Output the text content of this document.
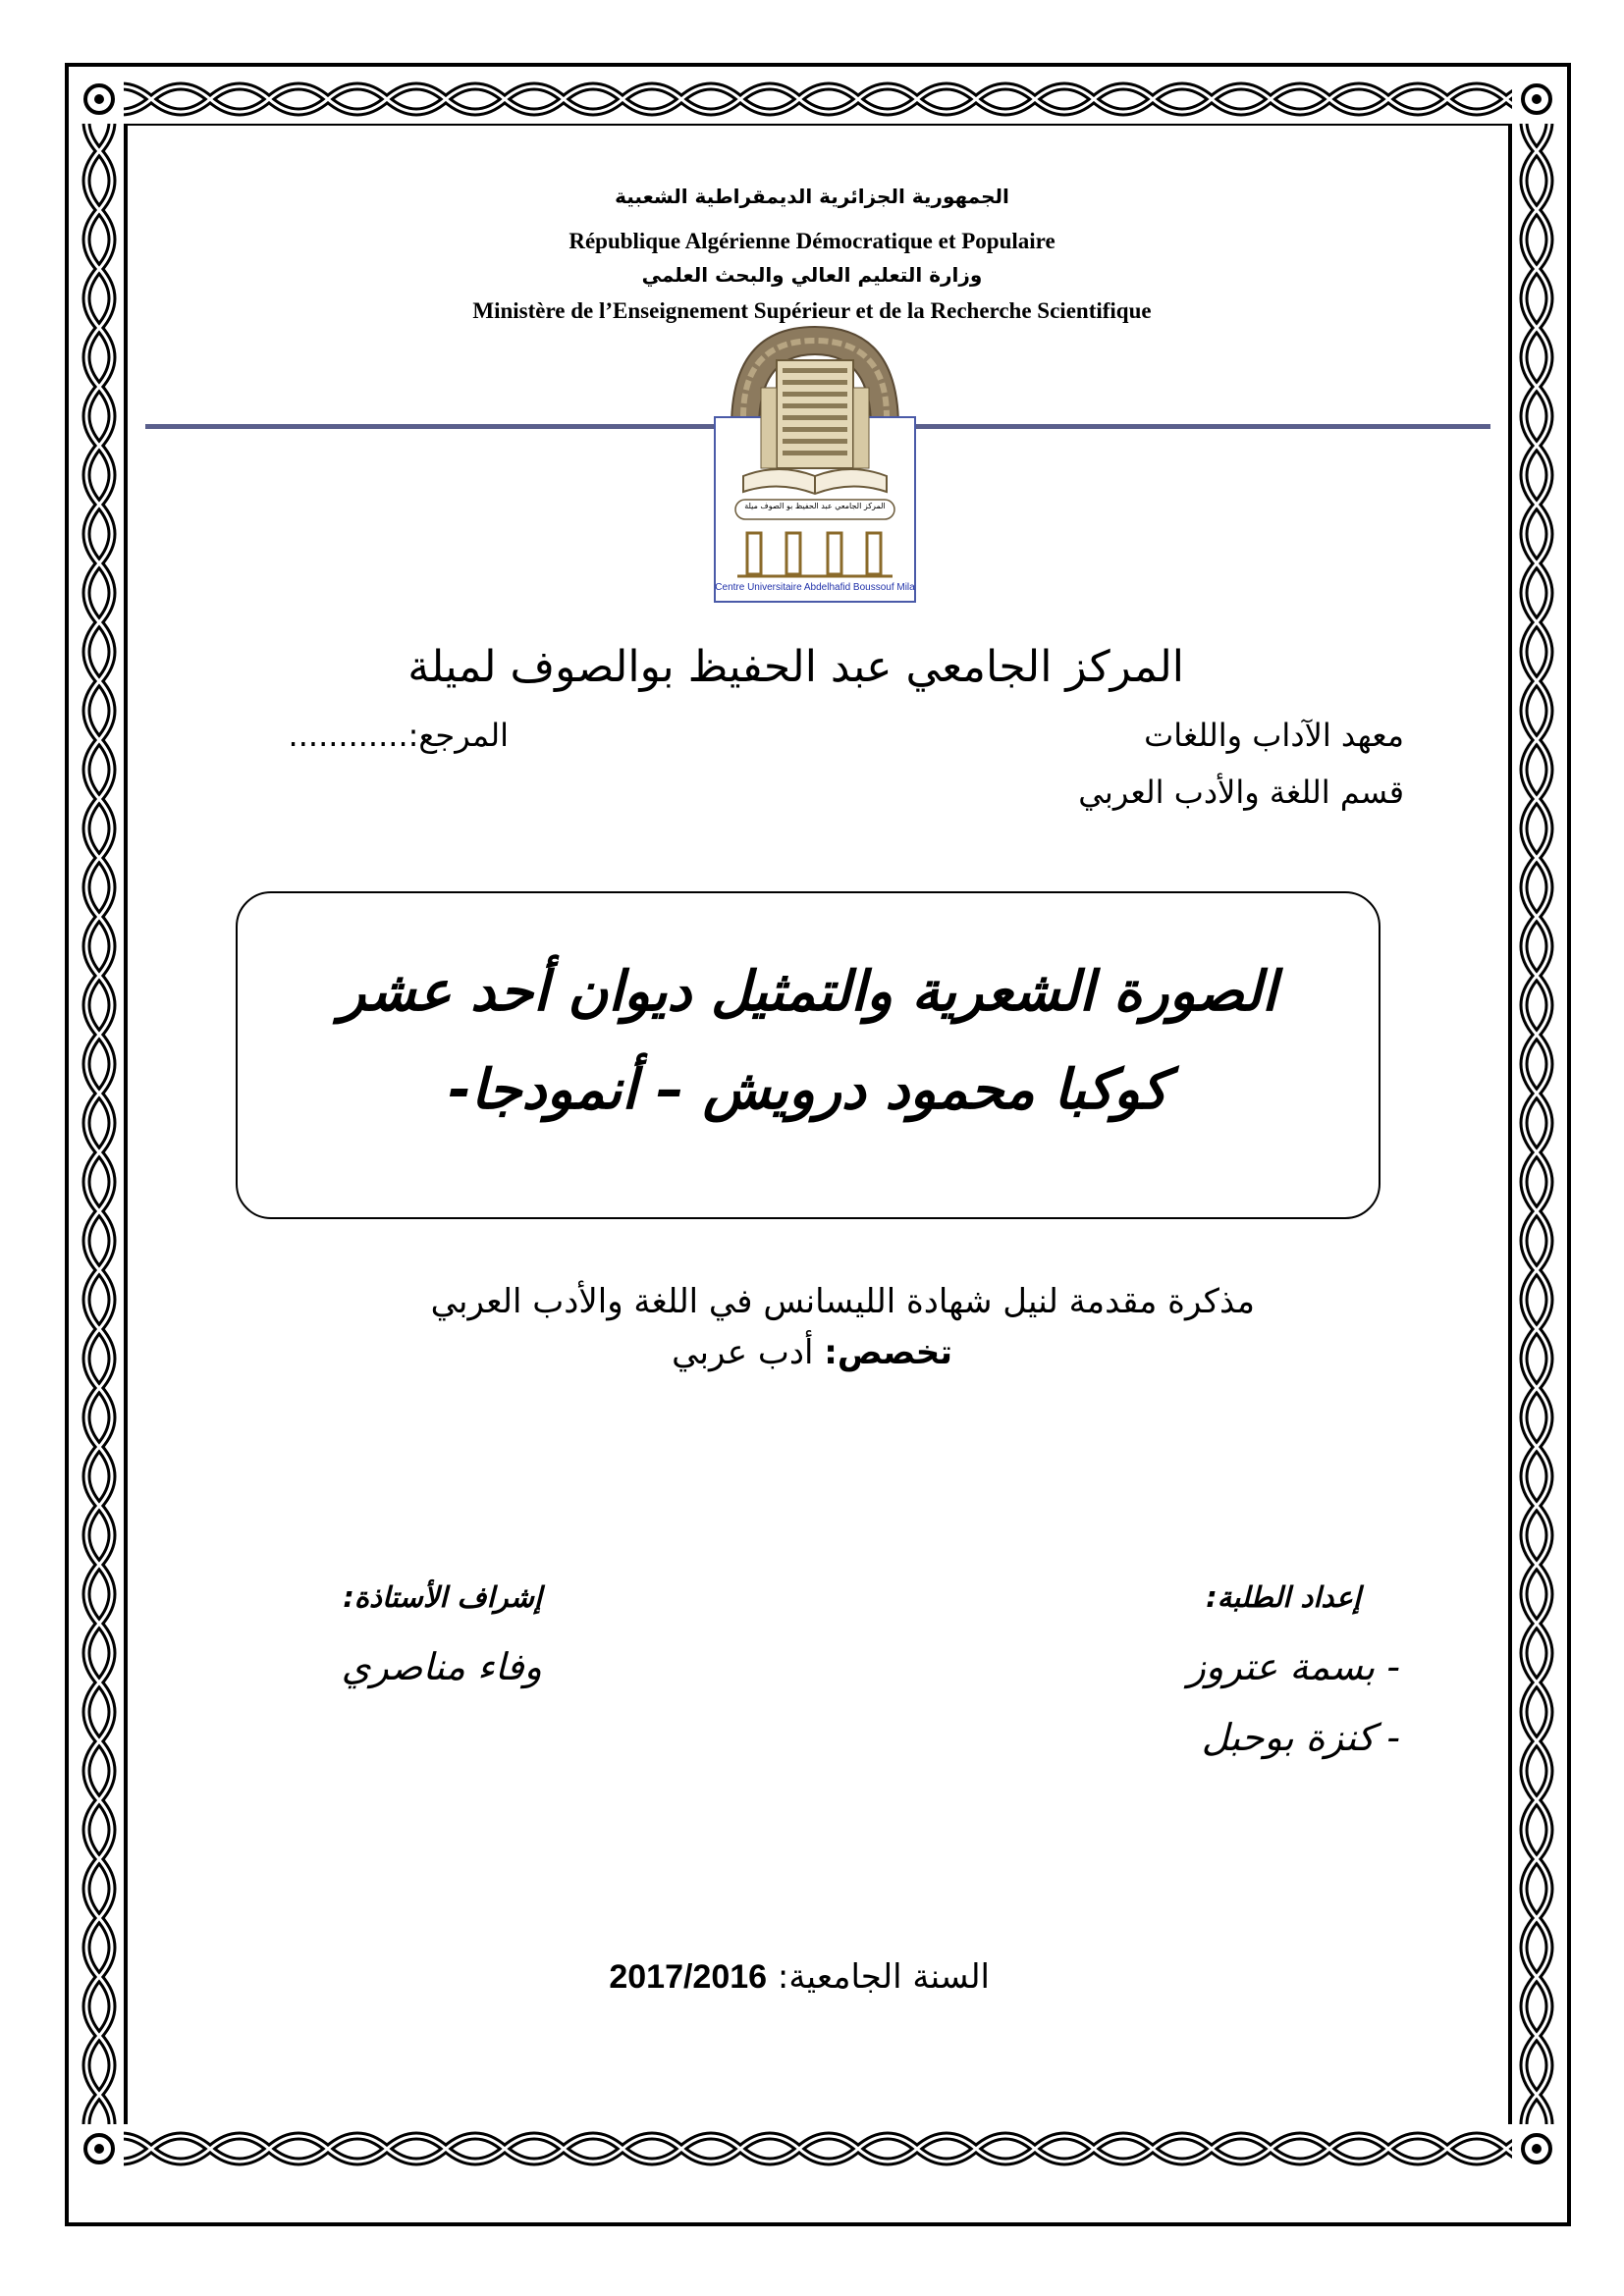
الجمهورية الجزائرية الديمقراطية الشعبية
République Algérienne Démocratique et Populaire
وزارة التعليم العالي والبحث العلمي
Ministère de l’Enseignement Supérieur et de la Recherche Scientifique
المركز الجامعي عبد الحفيظ بو الصوف ميلة
Centre Universitaire Abdelhafid Boussouf Mila
المركز الجامعي عبد الحفيظ بوالصوف لميلة
معهد الآداب واللغات
المرجع:............
قسم اللغة والأدب العربي
الصورة الشعرية والتمثيل ديوان أحد عشر
كوكبا محمود درويش – أنمودجا-
مذكرة مقدمة لنيل شهادة الليسانس في اللغة والأدب العربي
تخصص: أدب عربي
إعداد الطلبة:
- بسمة عتروز
- كنزة بوحبل
إشراف الأستاذة:
وفاء مناصري
السنة الجامعية: 2017/2016
